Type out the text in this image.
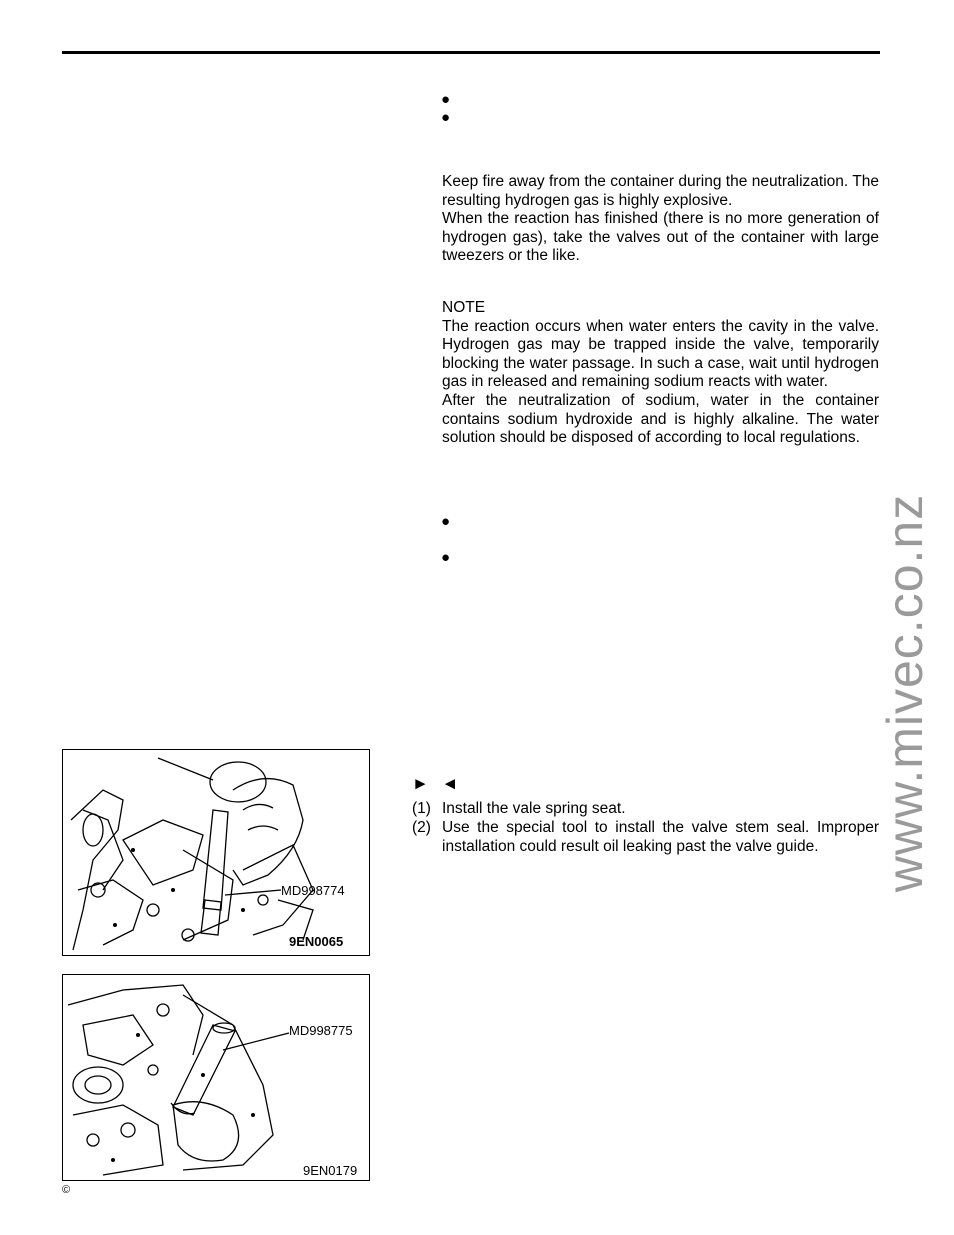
●
●

Keep fire away from the container during the neutralization. The resulting hydrogen gas is highly explosive.

When the reaction has finished (there is no more generation of hydrogen gas), take the valves out of the container with large tweezers or the like.

NOTE

The reaction occurs when water enters the cavity in the valve. Hydrogen gas may be trapped inside the valve, temporarily blocking the water passage. In such a case, wait until hydrogen gas in released and remaining sodium reacts with water.

After the neutralization of sodium, water in the container contains sodium hydroxide and is highly alkaline. The water solution should be disposed of according to local regulations.

●
●
► ◄
(1) Install the vale spring seat.
(2) Use the special tool to install the valve stem seal. Improper installation could result oil leaking past the valve guide.
MD998774
9EN0065
MD998775
9EN0179
©
www.mivec.co.nz
